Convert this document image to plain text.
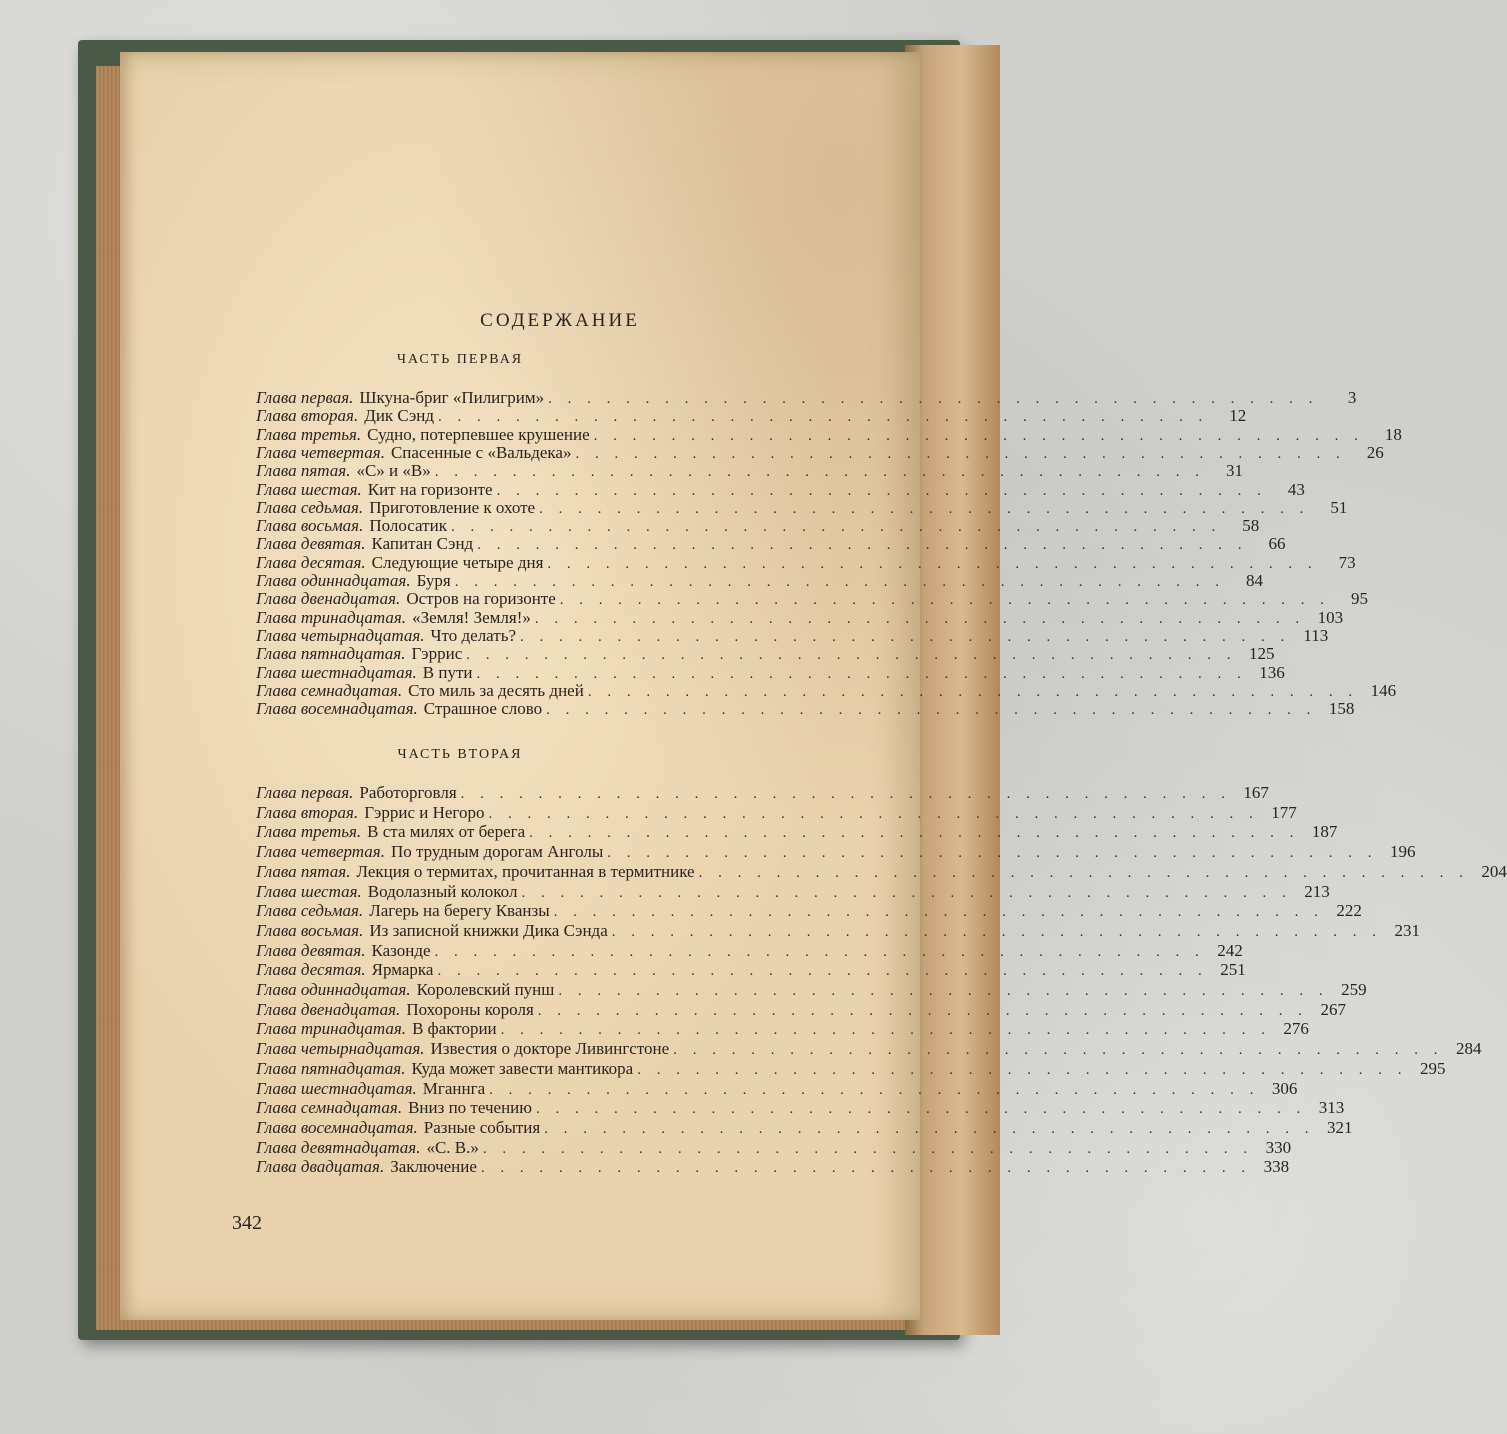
СОДЕРЖАНИЕ
342
ЧАСТЬ ПЕРВАЯ
Глава первая. Шкуна-бриг «Пилигрим» . . . . . . . . . . . . . . . . . . . . . . . . . . . . . . . . . . . . . . . .	3
Глава вторая. Дик Сэнд . . . . . . . . . . . . . . . . . . . . . . . . . . . . . . . . . . . . . . . .	12
Глава третья. Судно, потерпевшее крушение . . . . . . . . . . . . . . . . . . . . . . . . . . . . . . . . . . . . . . . .	18
Глава четвертая. Спасенные с «Вальдека» . . . . . . . . . . . . . . . . . . . . . . . . . . . . . . . . . . . . . . . .	26
Глава пятая. «С» и «В» . . . . . . . . . . . . . . . . . . . . . . . . . . . . . . . . . . . . . . . .	31
Глава шестая. Кит на горизонте . . . . . . . . . . . . . . . . . . . . . . . . . . . . . . . . . . . . . . . .	43
Глава седьмая. Приготовление к охоте . . . . . . . . . . . . . . . . . . . . . . . . . . . . . . . . . . . . . . . .	51
Глава восьмая. Полосатик . . . . . . . . . . . . . . . . . . . . . . . . . . . . . . . . . . . . . . . .	58
Глава девятая. Капитан Сэнд . . . . . . . . . . . . . . . . . . . . . . . . . . . . . . . . . . . . . . . .	66
Глава десятая. Следующие четыре дня . . . . . . . . . . . . . . . . . . . . . . . . . . . . . . . . . . . . . . . .	73
Глава одиннадцатая. Буря . . . . . . . . . . . . . . . . . . . . . . . . . . . . . . . . . . . . . . . .	84
Глава двенадцатая. Остров на горизонте . . . . . . . . . . . . . . . . . . . . . . . . . . . . . . . . . . . . . . . .	95
Глава тринадцатая. «Земля! Земля!» . . . . . . . . . . . . . . . . . . . . . . . . . . . . . . . . . . . . . . . . 103
Глава четырнадцатая. Что делать? . . . . . . . . . . . . . . . . . . . . . . . . . . . . . . . . . . . . . . . . 113
Глава пятнадцатая. Гэррис . . . . . . . . . . . . . . . . . . . . . . . . . . . . . . . . . . . . . . . . 125
Глава шестнадцатая. В пути . . . . . . . . . . . . . . . . . . . . . . . . . . . . . . . . . . . . . . . . 136
Глава семнадцатая. Сто миль за десять дней . . . . . . . . . . . . . . . . . . . . . . . . . . . . . . . . . . . . . . . . 146
Глава восемнадцатая. Страшное слово . . . . . . . . . . . . . . . . . . . . . . . . . . . . . . . . . . . . . . . . 158
ЧАСТЬ ВТОРАЯ
Глава первая. Работорговля . . . . . . . . . . . . . . . . . . . . . . . . . . . . . . . . . . . . . . . . 167
Глава вторая. Гэррис и Негоро . . . . . . . . . . . . . . . . . . . . . . . . . . . . . . . . . . . . . . . . 177
Глава третья. В ста милях от берега . . . . . . . . . . . . . . . . . . . . . . . . . . . . . . . . . . . . . . . . 187
Глава четвертая. По трудным дорогам Анголы . . . . . . . . . . . . . . . . . . . . . . . . . . . . . . . . . . . . . . . . 196
Глава пятая. Лекция о термитах, прочитанная в термитнике . . . . . . . . . . . . . . . . . . . . . . . . . . . . . . . . . . . . . . . . 204
Глава шестая. Водолазный колокол . . . . . . . . . . . . . . . . . . . . . . . . . . . . . . . . . . . . . . . . 213
Глава седьмая. Лагерь на берегу Кванзы . . . . . . . . . . . . . . . . . . . . . . . . . . . . . . . . . . . . . . . . 222
Глава восьмая. Из записной книжки Дика Сэнда . . . . . . . . . . . . . . . . . . . . . . . . . . . . . . . . . . . . . . . . 231
Глава девятая. Казонде . . . . . . . . . . . . . . . . . . . . . . . . . . . . . . . . . . . . . . . . 242
Глава десятая. Ярмарка . . . . . . . . . . . . . . . . . . . . . . . . . . . . . . . . . . . . . . . . 251
Глава одиннадцатая. Королевский пунш . . . . . . . . . . . . . . . . . . . . . . . . . . . . . . . . . . . . . . . . 259
Глава двенадцатая. Похороны короля . . . . . . . . . . . . . . . . . . . . . . . . . . . . . . . . . . . . . . . . 267
Глава тринадцатая. В фактории . . . . . . . . . . . . . . . . . . . . . . . . . . . . . . . . . . . . . . . . 276
Глава четырнадцатая. Известия о докторе Ливингстоне . . . . . . . . . . . . . . . . . . . . . . . . . . . . . . . . . . . . . . . . 284
Глава пятнадцатая. Куда может завести мантикора . . . . . . . . . . . . . . . . . . . . . . . . . . . . . . . . . . . . . . . . 295
Глава шестнадцатая. Мганнга . . . . . . . . . . . . . . . . . . . . . . . . . . . . . . . . . . . . . . . . 306
Глава семнадцатая. Вниз по течению . . . . . . . . . . . . . . . . . . . . . . . . . . . . . . . . . . . . . . . . 313
Глава восемнадцатая. Разные события . . . . . . . . . . . . . . . . . . . . . . . . . . . . . . . . . . . . . . . . 321
Глава девятнадцатая. «С. В.» . . . . . . . . . . . . . . . . . . . . . . . . . . . . . . . . . . . . . . . . 330
Глава двадцатая. Заключение . . . . . . . . . . . . . . . . . . . . . . . . . . . . . . . . . . . . . . . . 338
